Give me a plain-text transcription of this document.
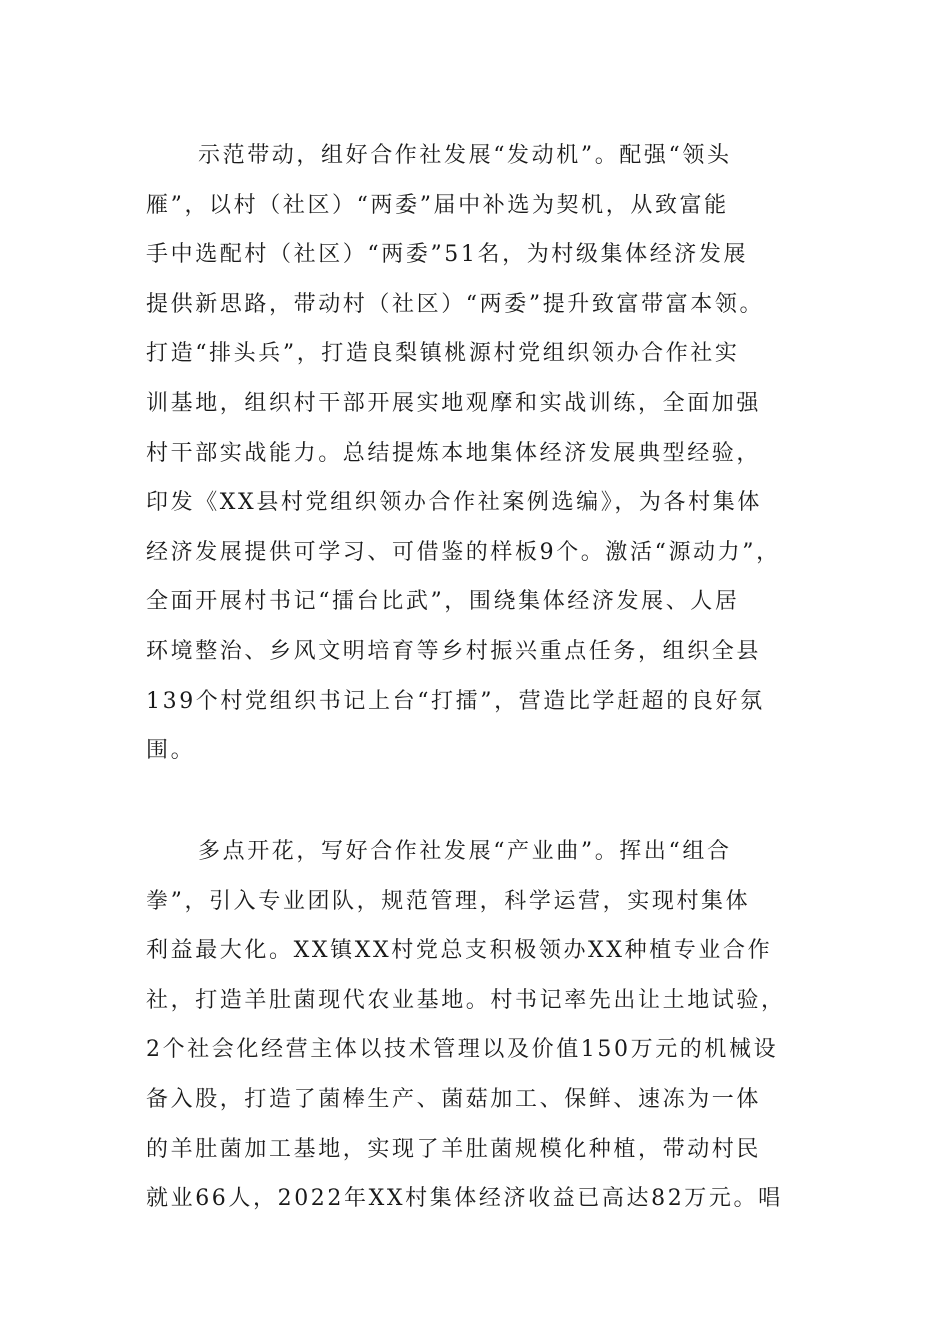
示范带动，组好合作社发展“发动机”。配强“领头
雁”，以村（社区）“两委”届中补选为契机，从致富能
手中选配村（社区）“两委”51名，为村级集体经济发展
提供新思路，带动村（社区）“两委”提升致富带富本领。
打造“排头兵”，打造良梨镇桃源村党组织领办合作社实
训基地，组织村干部开展实地观摩和实战训练，全面加强
村干部实战能力。总结提炼本地集体经济发展典型经验，
印发《XX县村党组织领办合作社案例选编》，为各村集体
经济发展提供可学习、可借鉴的样板9个。激活“源动力”，
全面开展村书记“擂台比武”，围绕集体经济发展、人居
环境整治、乡风文明培育等乡村振兴重点任务，组织全县
139个村党组织书记上台“打擂”，营造比学赶超的良好氛
围。
多点开花，写好合作社发展“产业曲”。挥出“组合
拳”，引入专业团队，规范管理，科学运营，实现村集体
利益最大化。XX镇XX村党总支积极领办XX种植专业合作
社，打造羊肚菌现代农业基地。村书记率先出让土地试验，
2个社会化经营主体以技术管理以及价值150万元的机械设
备入股，打造了菌棒生产、菌菇加工、保鲜、速冻为一体
的羊肚菌加工基地，实现了羊肚菌规模化种植，带动村民
就业66人，2022年XX村集体经济收益已高达82万元。唱
